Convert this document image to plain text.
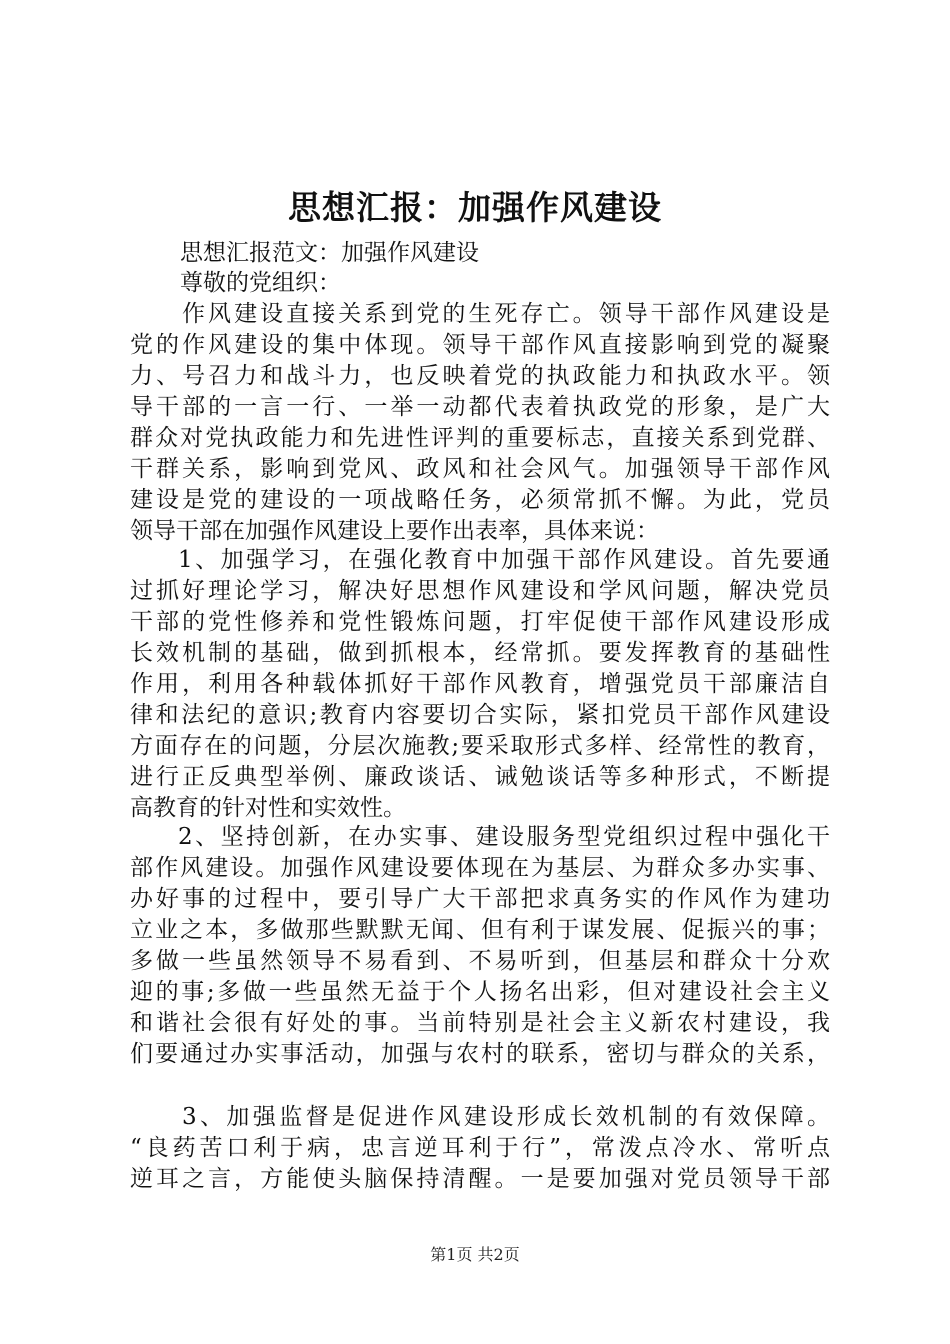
思想汇报：加强作风建设
思想汇报范文：加强作风建设
尊敬的党组织：
作风建设直接关系到党的生死存亡。领导干部作风建设是
党的作风建设的集中体现。领导干部作风直接影响到党的凝聚
力、号召力和战斗力，也反映着党的执政能力和执政水平。领
导干部的一言一行、一举一动都代表着执政党的形象，是广大
群众对党执政能力和先进性评判的重要标志，直接关系到党群、
干群关系，影响到党风、政风和社会风气。加强领导干部作风
建设是党的建设的一项战略任务，必须常抓不懈。为此，党员
领导干部在加强作风建设上要作出表率，具体来说：
1、加强学习，在强化教育中加强干部作风建设。首先要通
过抓好理论学习，解决好思想作风建设和学风问题，解决党员
干部的党性修养和党性锻炼问题，打牢促使干部作风建设形成
长效机制的基础，做到抓根本，经常抓。要发挥教育的基础性
作用，利用各种载体抓好干部作风教育，增强党员干部廉洁自
律和法纪的意识;教育内容要切合实际，紧扣党员干部作风建设
方面存在的问题，分层次施教;要采取形式多样、经常性的教育，
进行正反典型举例、廉政谈话、诫勉谈话等多种形式，不断提
高教育的针对性和实效性。
2、坚持创新，在办实事、建设服务型党组织过程中强化干
部作风建设。加强作风建设要体现在为基层、为群众多办实事、
办好事的过程中，要引导广大干部把求真务实的作风作为建功
立业之本，多做那些默默无闻、但有利于谋发展、促振兴的事；
多做一些虽然领导不易看到、不易听到，但基层和群众十分欢
迎的事;多做一些虽然无益于个人扬名出彩，但对建设社会主义
和谐社会很有好处的事。当前特别是社会主义新农村建设，我
们要通过办实事活动，加强与农村的联系，密切与群众的关系，
3、加强监督是促进作风建设形成长效机制的有效保障。
“良药苦口利于病，忠言逆耳利于行”，常泼点冷水、常听点
逆耳之言，方能使头脑保持清醒。一是要加强对党员领导干部
第1页 共2页
